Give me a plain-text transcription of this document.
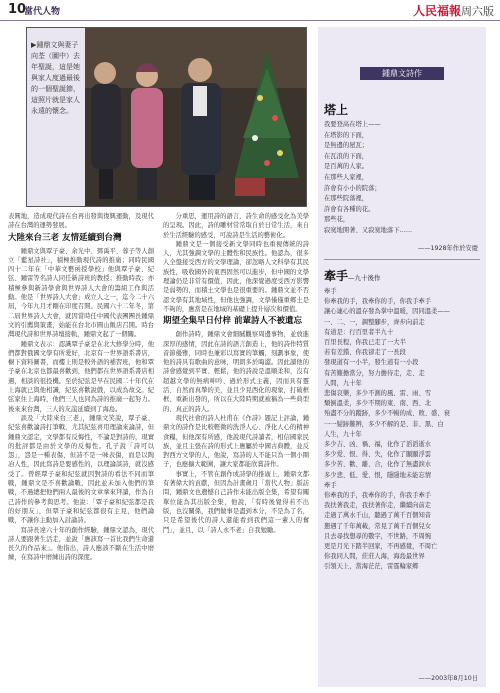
10
當代人物	人民福報周六版
▶鍾鼎文與妻子向荃（圖中）去年聖誕，這是她與家人度過最後的一個聖誕節，這照片就是家人永遠的懷念。

表圓地，造成現代詩在台再出發與復興運動，及現代詩在台灣的運勢發展。

大陸來台三老 友情延續到台灣

鍾鼎文與覃子豪、余光中、鄧禹平、蓉子等人創立「藍星詩社」，積極推動現代詩的推廣；同時民國四十二年在「中華文藝函授學校」他與覃子豪、紀弦、鍾雷等名詩人同任新詩班的教授；推動時我；亦積極參與新詩學會與世界詩人大會的籌組工作與活動。他是「世界詩人大會」成立人之一，迄今二十六屆，今年九月才剛在印度召開。民國六十二年冬，第二屆世界詩人大會，就因當時任中國代表團團長鍾鼎文的引薦與策畫，始能在台北市圓山飯店召開。時台灣現代詩和世界詩壇接軌，鍾鼎文起了一個關。

鍾鼎文表示：認識覃子豪是在北大修學分時，他們都對俄國文學有所愛好，北京有一世界語系書店，櫥下資料圖書，而樓上則是較外語的補習班，他和覃子豪在北京也都最喜歡到，他們都在世界語系書店相遇，相談的很投機。至於紀弦是早在民國二十年代在上海就已與他相識，紀弦喜歡說戲，以成為故交。紀弦家住上海時，他們三人也同為詩的推廣一起努力。後來來台灣，三人的友誼延續到了海島。

談及「大陸來台三老」，鍾鼎文笑說，覃子豪、紀弦喜歡論詩打筆戰，尤其紀弦喜用理論來論詩，但鍾鼎文認定，文學都有反悔性，不論是對詩的，現實的批評都是由於文學的反悔性。孔子說「詩可以怨」，怨是一種表傷，但詩不是一味表傷，而是以陶冶人性，因此寫詩是要感性的，以理論談詩，就沒感受了。曾經覃子豪和紀弦就因對詩的看法不同而筆戰，鍾鼎文是不喜歡論戰，因此並未加入他們的筆戰，不過總把他們兩人最後的文章拿來拜讀，作為自己詩作的參考與思考。他說：「覃子豪和紀弦都是我的好朋友」，但覃子豪和紀弦都很有主見，他們論戰，不讓你主動加入討論詩。

寫詩長達六十年的創作經驗，鍾鼎文認為，現代詩人要跟著生活走，並說「應該寫一首比我們生命還長久的作品來」。他指出，詩人應該不斷在生活中磨練，在寫詩中磨練出詩的深度。

分重思，運用詩的語言，詩生命的感受化為美學的呈現。因此，詩的雕材常常取自於日常生活，來自於生活經驗的感受，可說詩是生活的藝術化。

鍾鼎文是一個接受新文學同時也重視傳統的詩人，尤其強調文學的主體性和民族性。他認為，很多人全盤接受西方的文學理論，卻忽略人文科學有其民族性，吸收國外的東西固然可以進步，但中國的文學理論仍是非常有價值，因此，他深覺過度受西方影響是弱勢的，而積土文學也是很重要的。鍾鼎文並不否認文學有其地域性，但他也強調，文學僅僅重鄉土是不夠的，應當是在地域的基礎上提升層次和價值。

期望全集早日付梓 前輩詩人不被遺忘

創作詩時，鍾鼎文會細膩觀察周邊事物，並放進深厚的感情，因此在詩的語言創造上，他的詩作特質音節優雅，同時也兼彩以寫實的筆觸，刻劃事象，使他的詩具有歌曲的意味，明朗多於晦澀。因此讀他的詩會感覺到平實、輕鬆，他的詩說是溫順柔和，沒有超越文學的無病呻吟、過於形式主義，因而具有靈活、自然而真摯的美，並且少見西化的現象，打破框框、重新出發的，所以在大陸時期就被稱為一些典型的、真正的詩人。

現代社會的詩人杜甫在《作詩》題記上評論，鍾鼎文的詩作是比較輕微的洗淨人心、淨化人心的精神食糧，但他深有所感，他說現代詩讀者，相信國家民族，並且主張在詩的形式上應屬於中國古典體，並反對西方文學的人，他說，寫詩的人不能只為一個小圈子，也應擴大範圍，讓大家都能欣賞詩作。

事實上，不管在創作或詩學的推廣上，鍾鼎文都有著偉大的貢獻，但因為計畫歲月「當代人物」版訪問，鍾鼎文也遺憾自己詩作未能出版全集，希望有關單位能為其出版全集，他說，「有時後覺得若不出版，也沒關係，我們做事是盡到本分，不是為了名，只是希望後代的詩人還能看到我們這一輩人的奮鬥」，並且，以「詩人永不老」自我勉勵。

鍾鼎文詩作
塔上
我要登高在塔上——
在塔影的下面，
是無邊的屋瓦；
在瓦浪的下面，
是百萬的人家。
在那些人家裡，
許會有小小的院落；
在那些院落裡，
許會有各種的花。
那些花，
寂寞地開著、又寂寞地落下……
——1928年作於安慶
牽手—九十後作
牽手
你牽我的手，我牽你的手，你我手牽手
讓心連心的溫存發為掌中溫暖，因同溫柔——
一、二、一，調整腳步，齊步向前走
有道是：行百里者半九十
百里長程，你我已走了一大半
若有差錯、你我卻走了一長段
發現道有一小半，發生道有一小段
有苦難擔當分，努力擔待走，走、走
人間，九十年
悲傷哀樂，多少不測的風、雷、雨、雪
頹倒溫柔，多少不期的東、南、西、北
殆盡不分的蹤跡，多少不暢的成、敗、盛、衰
一一疑跡難辨，多少不解的是、非、黑、白
人生，九十年
多少吉、凶、禍、福，化作了滔滔逝水
多少爱、恨、得、失，化作了顯顯浮雲
多少苦、歡、離、合，化作了無盡淚水
多少悲、低、愛、恨，隱隱地未能忘情
牽手
你牽我的手，我牽你的手，你我手牽手
我扶著我走，我扶著你走，繼續向前走
走過了萬水千山，聽過了萬千百個知音
懇遇了千年萬載，常見了萬千百個兒女
且去尋找想尋的數字，不世路，不周惋
更是月光下踏半回家，不再感覺，不周亡
你我同人間，莊莊人海，海島最世界
引領天上，當海茫茫，雷霆輪家鄉
——2003年8月10日
